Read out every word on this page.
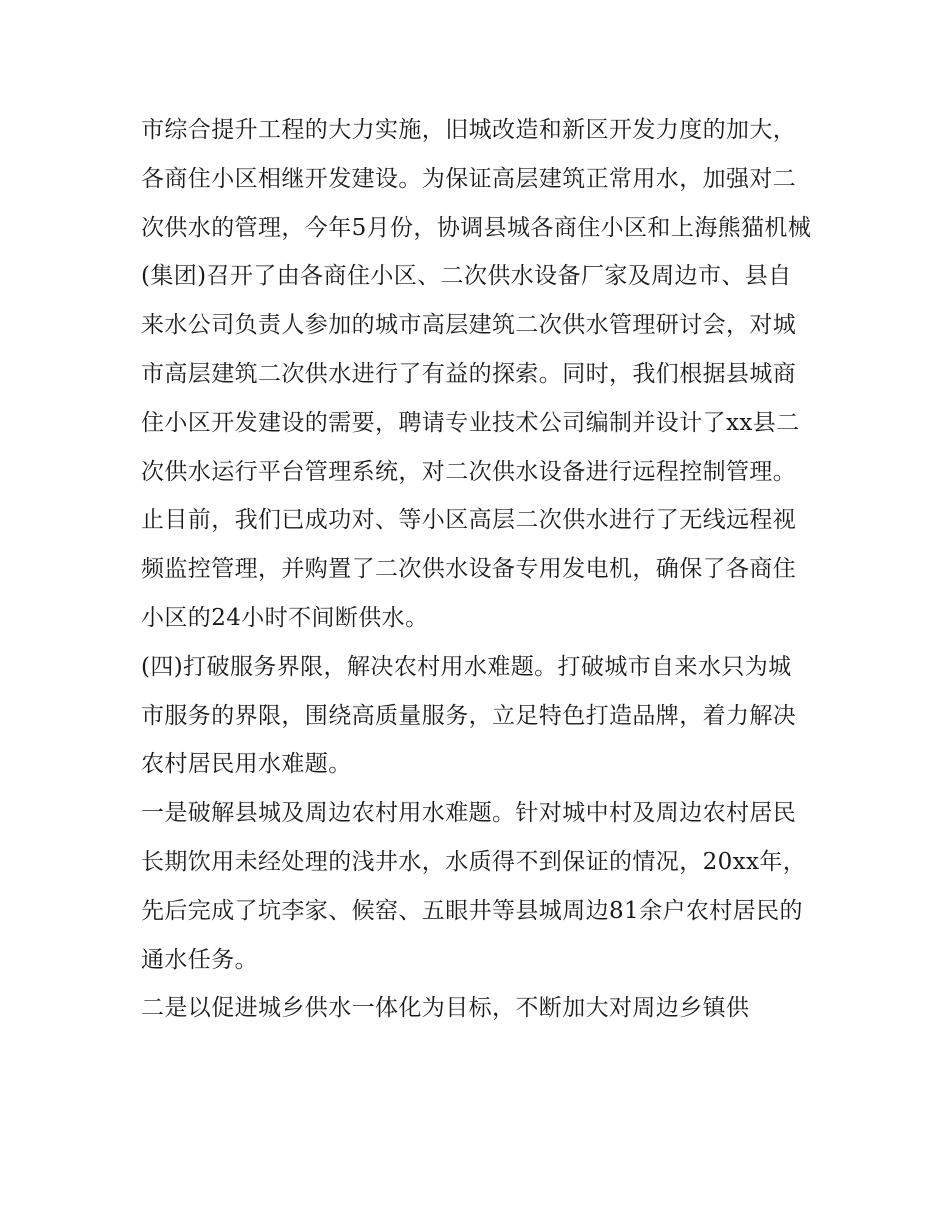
市综合提升工程的大力实施，旧城改造和新区开发力度的加大，各商住小区相继开发建设。为保证高层建筑正常用水，加强对二次供水的管理，今年5月份，协调县城各商住小区和上海熊猫机械(集团)召开了由各商住小区、二次供水设备厂家及周边市、县自来水公司负责人参加的城市高层建筑二次供水管理研讨会，对城市高层建筑二次供水进行了有益的探索。同时，我们根据县城商住小区开发建设的需要，聘请专业技术公司编制并设计了xx县二次供水运行平台管理系统，对二次供水设备进行远程控制管理。

止目前，我们已成功对、等小区高层二次供水进行了无线远程视频监控管理，并购置了二次供水设备专用发电机，确保了各商住小区的24小时不间断供水。

(四)打破服务界限，解决农村用水难题。打破城市自来水只为城市服务的界限，围绕高质量服务，立足特色打造品牌，着力解决农村居民用水难题。

一是破解县城及周边农村用水难题。针对城中村及周边农村居民长期饮用未经处理的浅井水，水质得不到保证的情况，20xx年，先后完成了坑李家、候窑、五眼井等县城周边81余户农村居民的通水任务。

二是以促进城乡供水一体化为目标，不断加大对周边乡镇供
